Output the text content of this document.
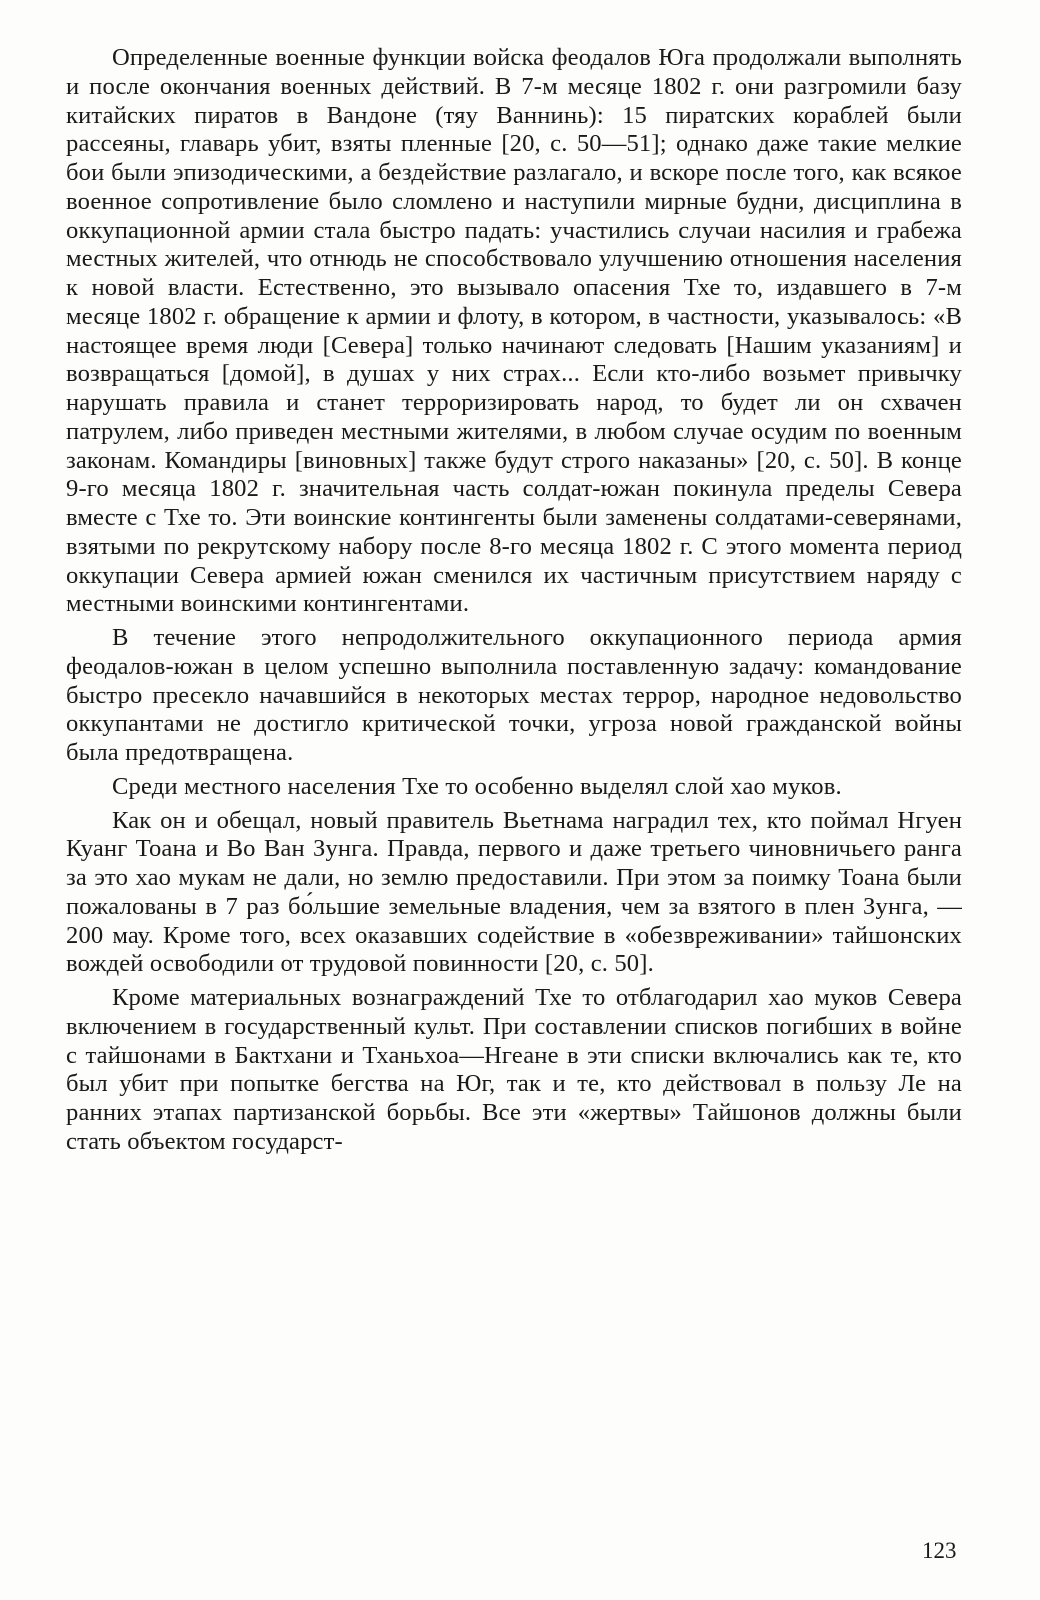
Определенные военные функции войска феодалов Юга продолжали выполнять и после окончания военных действий. В 7-м месяце 1802 г. они разгромили базу китайских пиратов в Вандоне (тяу Ваннинь): 15 пиратских кораблей были рассеяны, главарь убит, взяты пленные [20, с. 50—51]; однако даже такие мелкие бои были эпизодическими, а бездействие разлагало, и вскоре после того, как всякое военное сопротивление было сломлено и наступили мирные будни, дисциплина в оккупационной армии стала быстро падать: участились случаи насилия и грабежа местных жителей, что отнюдь не способствовало улучшению отношения населения к новой власти. Естественно, это вызывало опасения Тхе то, издавшего в 7-м месяце 1802 г. обращение к армии и флоту, в котором, в частности, указывалось: «В настоящее время люди [Севера] только начинают следовать [Нашим указаниям] и возвращаться [домой], в душах у них страх... Если кто-либо возьмет привычку нарушать правила и станет терроризировать народ, то будет ли он схвачен патрулем, либо приведен местными жителями, в любом случае осудим по военным законам. Командиры [виновных] также будут строго наказаны» [20, с. 50]. В конце 9-го месяца 1802 г. значительная часть солдат-южан покинула пределы Севера вместе с Тхе то. Эти воинские контингенты были заменены солдатами-северянами, взятыми по рекрутскому набору после 8-го месяца 1802 г. С этого момента период оккупации Севера армией южан сменился их частичным присутствием наряду с местными воинскими контингентами.

В течение этого непродолжительного оккупационного периода армия феодалов-южан в целом успешно выполнила поставленную задачу: командование быстро пресекло начавшийся в некоторых местах террор, народное недовольство оккупантами не достигло критической точки, угроза новой гражданской войны была предотвращена.

Среди местного населения Тхе то особенно выделял слой хао муков.

Как он и обещал, новый правитель Вьетнама наградил тех, кто поймал Нгуен Куанг Тоана и Во Ван Зунга. Правда, первого и даже третьего чиновничьего ранга за это хао мукам не дали, но землю предоставили. При этом за поимку Тоана были пожалованы в 7 раз бо́льшие земельные владения, чем за взятого в плен Зунга, — 200 мау. Кроме того, всех оказавших содействие в «обезвреживании» тайшонских вождей освободили от трудовой повинности [20, с. 50].

Кроме материальных вознаграждений Тхе то отблагодарил хао муков Севера включением в государственный культ. При составлении списков погибших в войне с тайшонами в Бактхани и Тханьхоа—Нгеане в эти списки включались как те, кто был убит при попытке бегства на Юг, так и те, кто действовал в пользу Ле на ранних этапах партизанской борьбы. Все эти «жертвы» Тайшонов должны были стать объектом государст-

123
